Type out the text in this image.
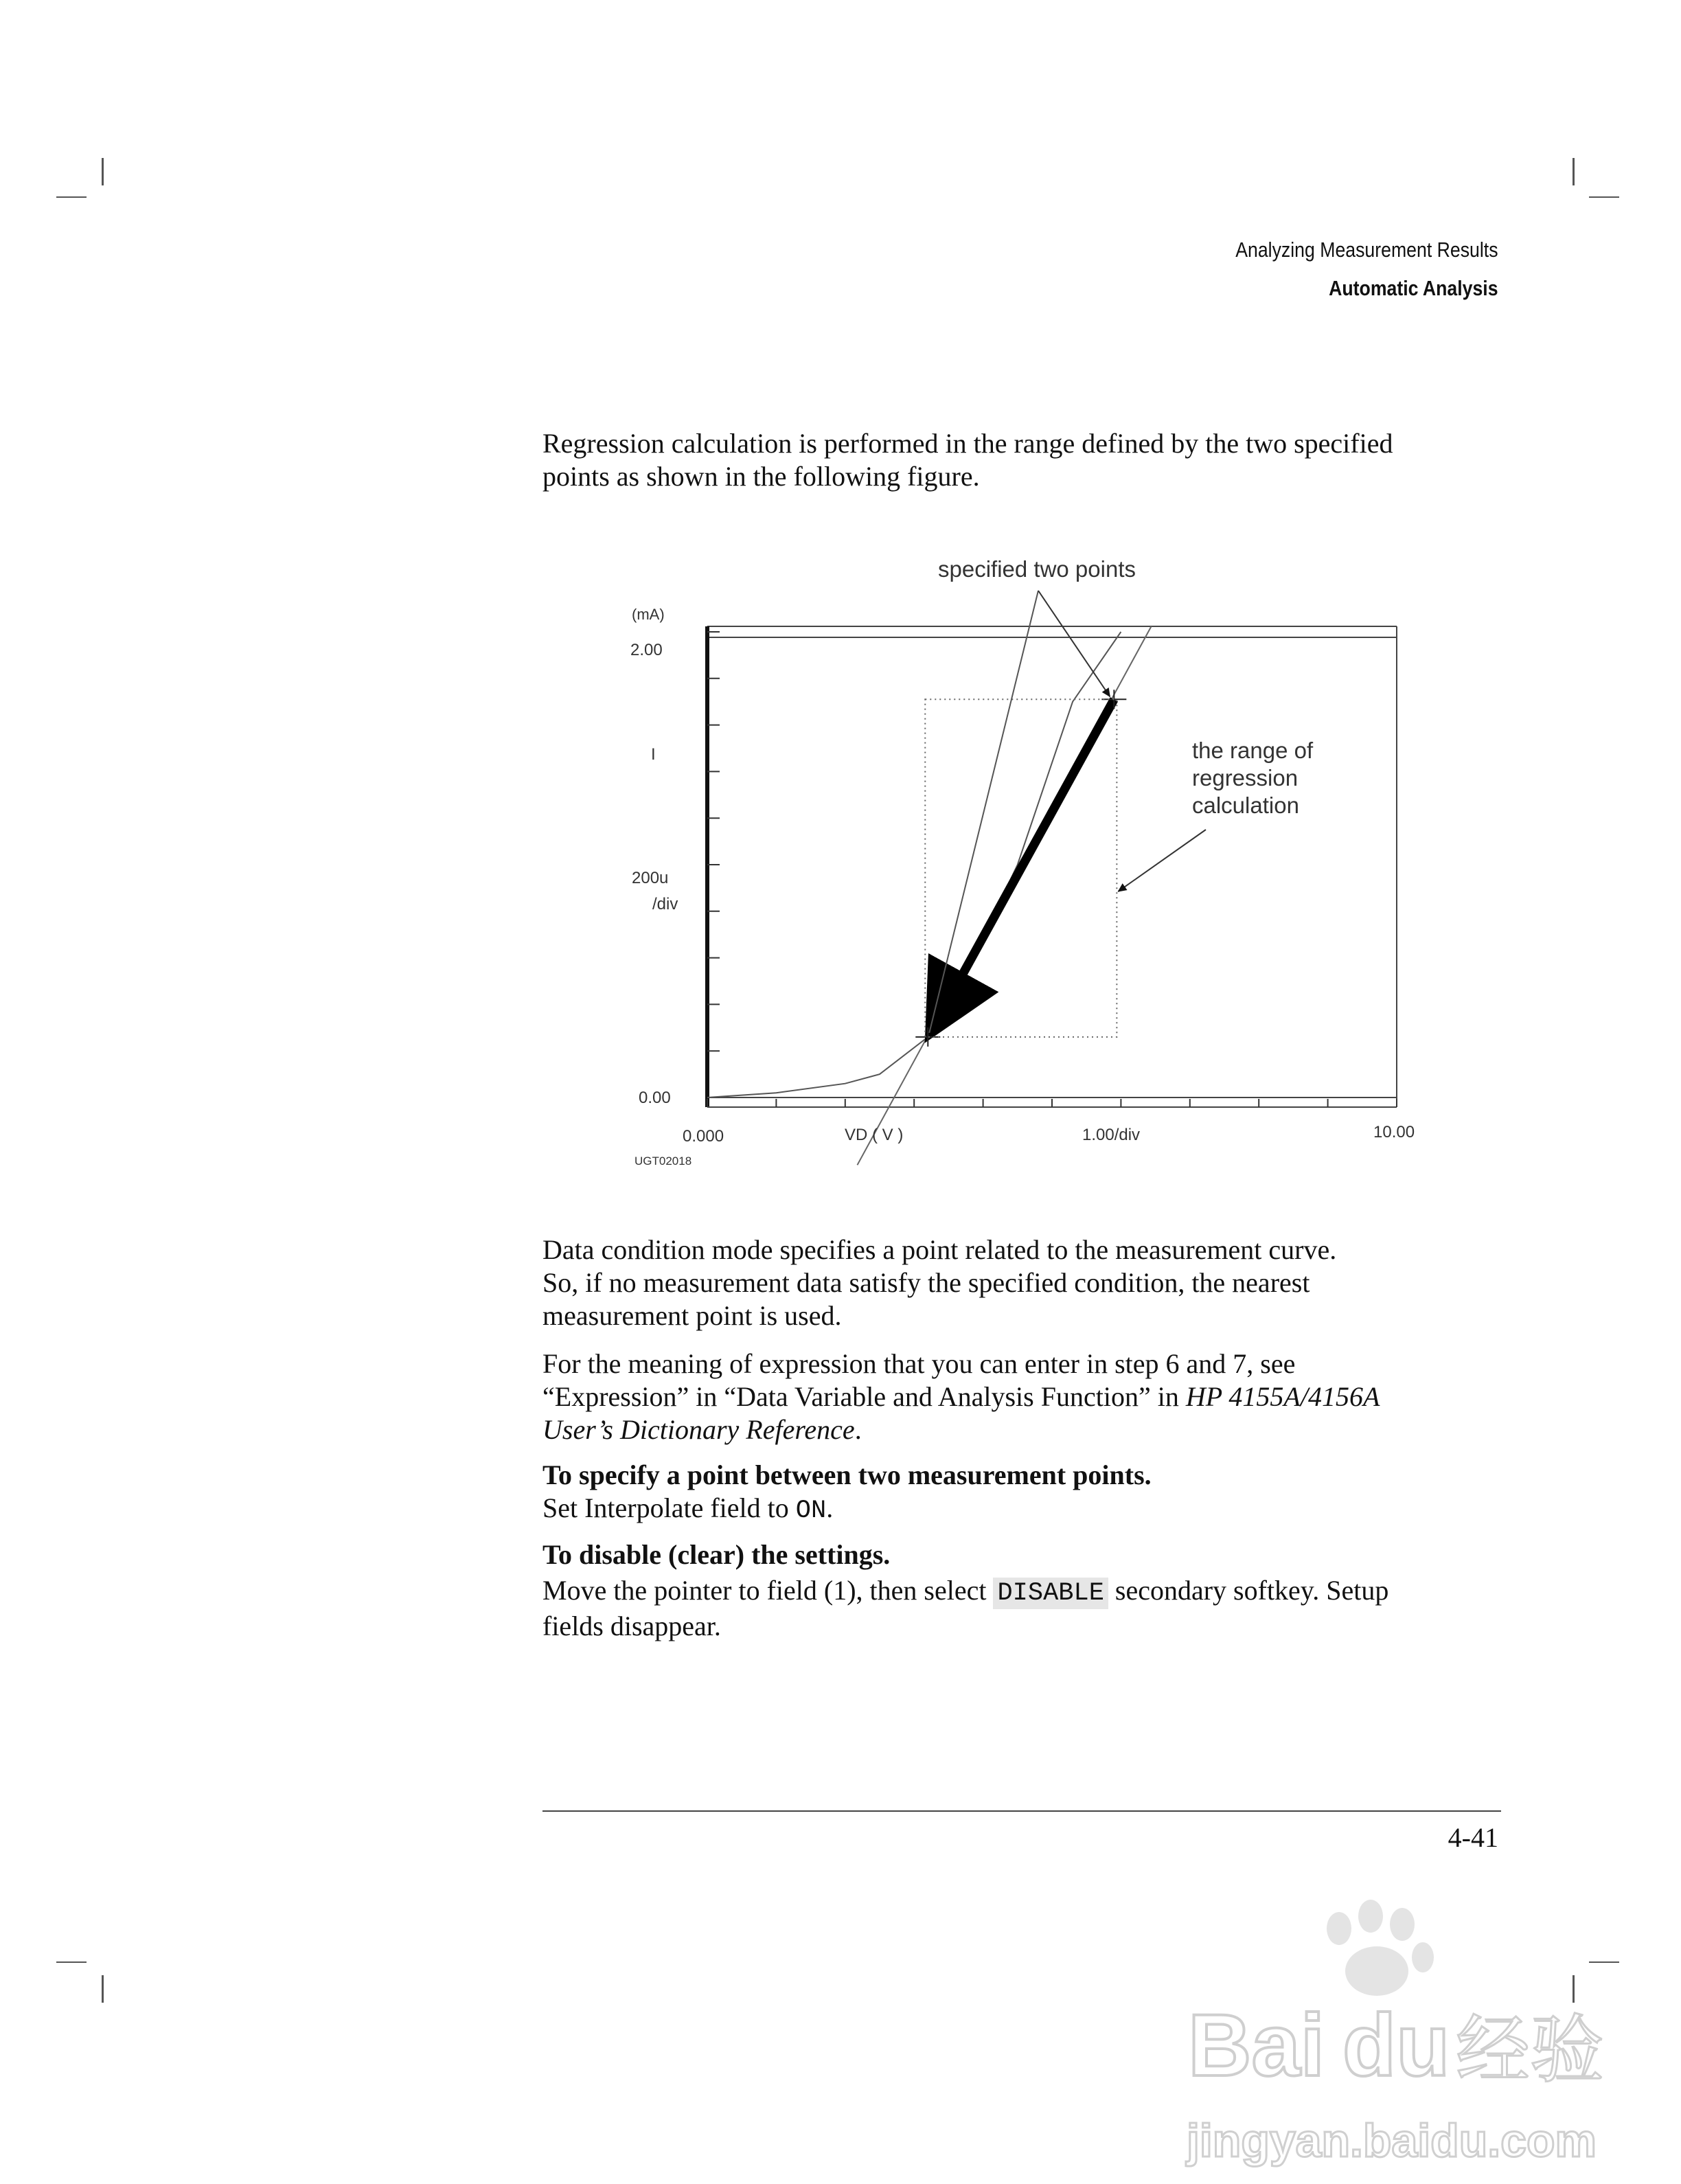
Analyzing Measurement Results
Automatic Analysis
Regression calculation is performed in the range defined by the two specified
points as shown in the following figure.
specified two points
the range of
regression
calculation
(mA)
2.00
I
200u
/div
0.00
0.000	VD ( V )	1.00/div	10.00
UGT02018
Data condition mode specifies a point related to the measurement curve.
So, if no measurement data satisfy the specified condition, the nearest
measurement point is used.
For the meaning of expression that you can enter in step 6 and 7, see
“Expression” in “Data Variable and Analysis Function” in HP 4155A/4156A
User’s Dictionary Reference.
To specify a point between two measurement points.
Set Interpolate field to ON.
To disable (clear) the settings.
Move the pointer to field (1), then select DISABLE secondary softkey. Setup
fields disappear.
4-41
Bai du 经验
jingyan.baidu.com
